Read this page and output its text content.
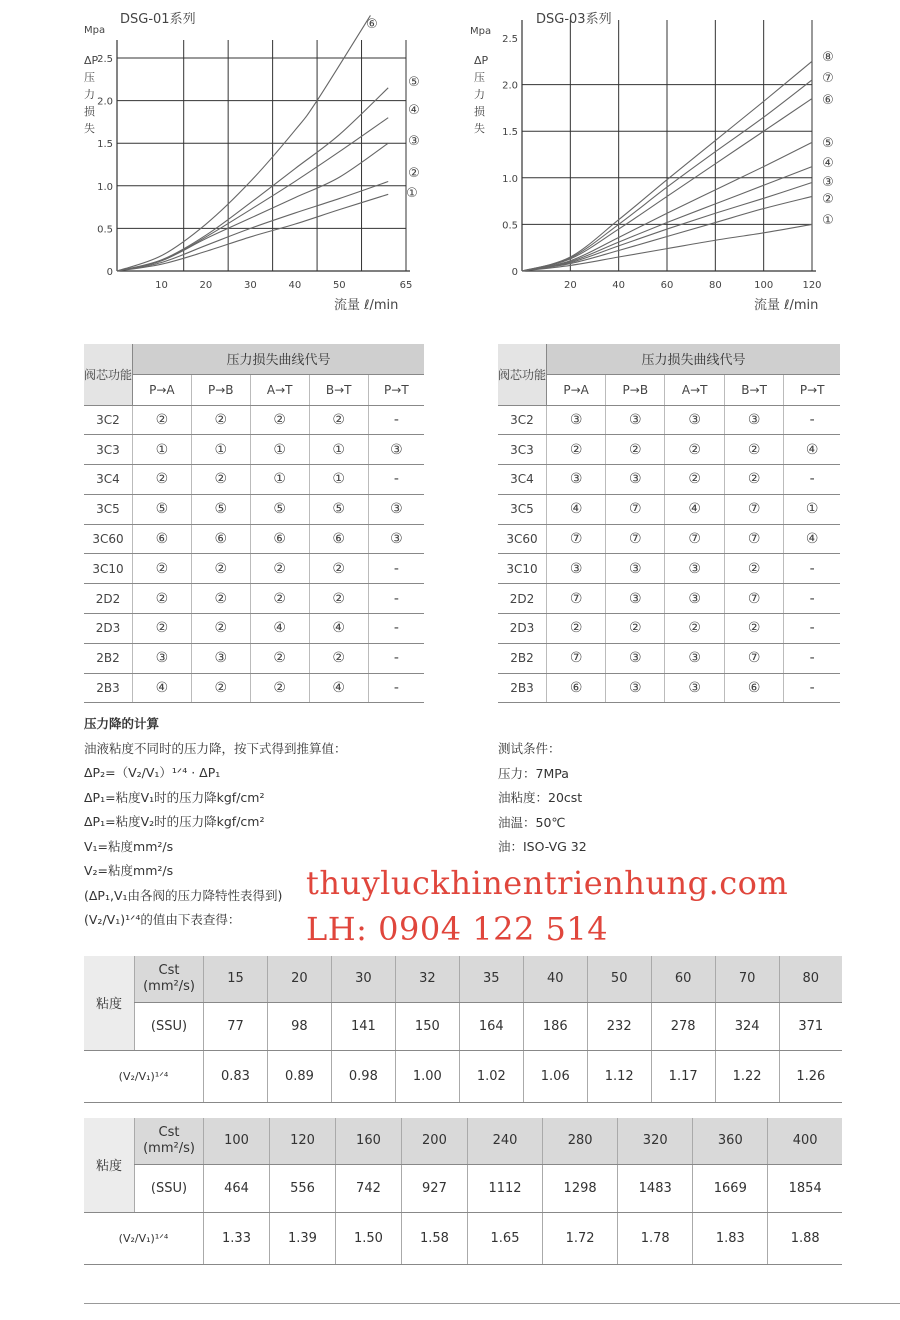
0
0.5
1.0
1.5
2.0
2.5
10	20	30	40	50	65
DSG-01系列
Mpa
ΔP
压
力
损
失
流量 ℓ/min
①
②
③
④
⑤
⑥
0
0.5
1.0
1.5
2.0
2.5
20	40	60	80	100	120
DSG-03系列
Mpa
ΔP
压
力
损
失
流量 ℓ/min
①
②
③
④
⑤
⑥
⑦
⑧
阀芯功能	压力损失曲线代号				
	P→A	P→B	A→T	B→T	P→T
3C2	②	②	②	②	-
3C3	①	①	①	①	③
3C4	②	②	①	①	-
3C5	⑤	⑤	⑤	⑤	③
3C60	⑥	⑥	⑥	⑥	③
3C10	②	②	②	②	-
2D2	②	②	②	②	-
2D3	②	②	④	④	-
2B2	③	③	②	②	-
2B3	④	②	②	④	-
阀芯功能	压力损失曲线代号				
	P→A	P→B	A→T	B→T	P→T
3C2	③	③	③	③	-
3C3	②	②	②	②	④
3C4	③	③	②	②	-
3C5	④	⑦	④	⑦	①
3C60	⑦	⑦	⑦	⑦	④
3C10	③	③	③	②	-
2D2	⑦	③	③	⑦	-
2D3	②	②	②	②	-
2B2	⑦	③	③	⑦	-
2B3	⑥	③	③	⑥	-
压力降的计算
油液粘度不同时的压力降，按下式得到推算值：
ΔP₂=（V₂/V₁）¹ᐟ⁴ · ΔP₁
ΔP₁=粘度V₁时的压力降kgf/cm²
ΔP₁=粘度V₂时的压力降kgf/cm²
V₁=粘度mm²/s
V₂=粘度mm²/s
(ΔP₁,V₁由各阀的压力降特性表得到)
(V₂/V₁)¹ᐟ⁴的值由下表查得：
测试条件：
压力：7MPa
油粘度：20cst
油温：50℃
油：ISO-VG 32
thuyluckhinentrienhung.com
LH: 0904 122 514
粘度	Cst
(mm²/s)	15	20	30	32	35	40	50	60	70	80
	(SSU)	77	98	141	150	164	186	232	278	324	371
(V₂/V₁)¹ᐟ⁴		0.83	0.89	0.98	1.00	1.02	1.06	1.12	1.17	1.22	1.26
粘度	Cst
(mm²/s)	100	120	160	200	240	280	320	360	400
	(SSU)	464	556	742	927	1112	1298	1483	1669	1854
(V₂/V₁)¹ᐟ⁴		1.33	1.39	1.50	1.58	1.65	1.72	1.78	1.83	1.88
